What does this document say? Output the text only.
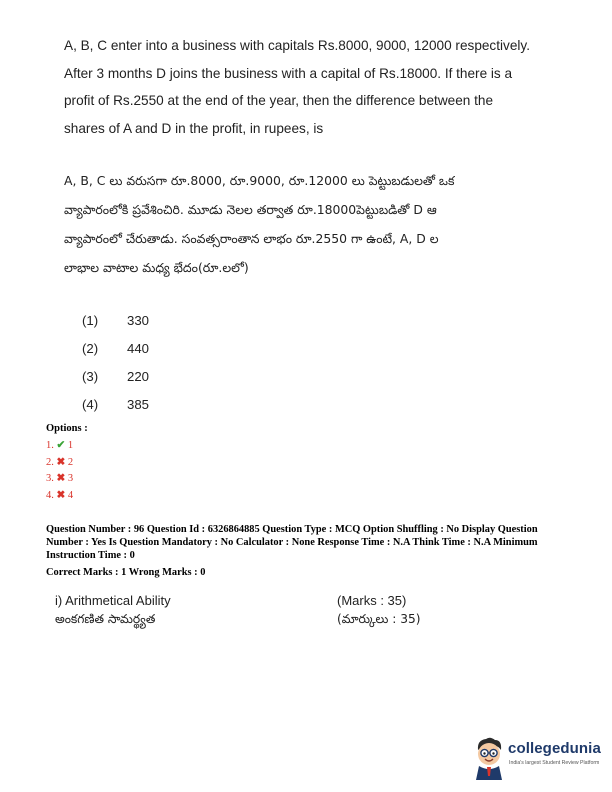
A, B, C enter into a business with capitals Rs.8000, 9000, 12000 respectively.
After 3 months D joins the business with a capital of Rs.18000. If there is a
profit of Rs.2550 at the end of the year, then the difference between the
shares of A and D in the profit, in rupees, is
A, B, C లు వరుసగా రూ.8000, రూ.9000, రూ.12000 లు పెట్టుబడులతో ఒక
వ్యాపారంలోకి ప్రవేశించిరి. మూడు నెలల తర్వాత రూ.18000పెట్టుబడితో D ఆ
వ్యాపారంలో చేరుతాడు. సంవత్సరాంతాన లాభం రూ.2550 గా ఉంటే, A, D ల
లాభాల వాటాల మధ్య భేదం(రూ.లలో)
(1) 330
(2) 440
(3) 220
(4) 385
Options :
1. ✔ 1
2. ✖ 2
3. ✖ 3
4. ✖ 4
Question Number : 96 Question Id : 6326864885 Question Type : MCQ Option Shuffling : No Display Question Number : Yes Is Question Mandatory : No Calculator : None Response Time : N.A Think Time : N.A Minimum Instruction Time : 0
Correct Marks : 1 Wrong Marks : 0
i) Arithmetical Ability
అంకగణిత సామర్థ్యత
(Marks : 35)
(మార్కులు : 35)
collegedunia
India's largest Student Review Platform
